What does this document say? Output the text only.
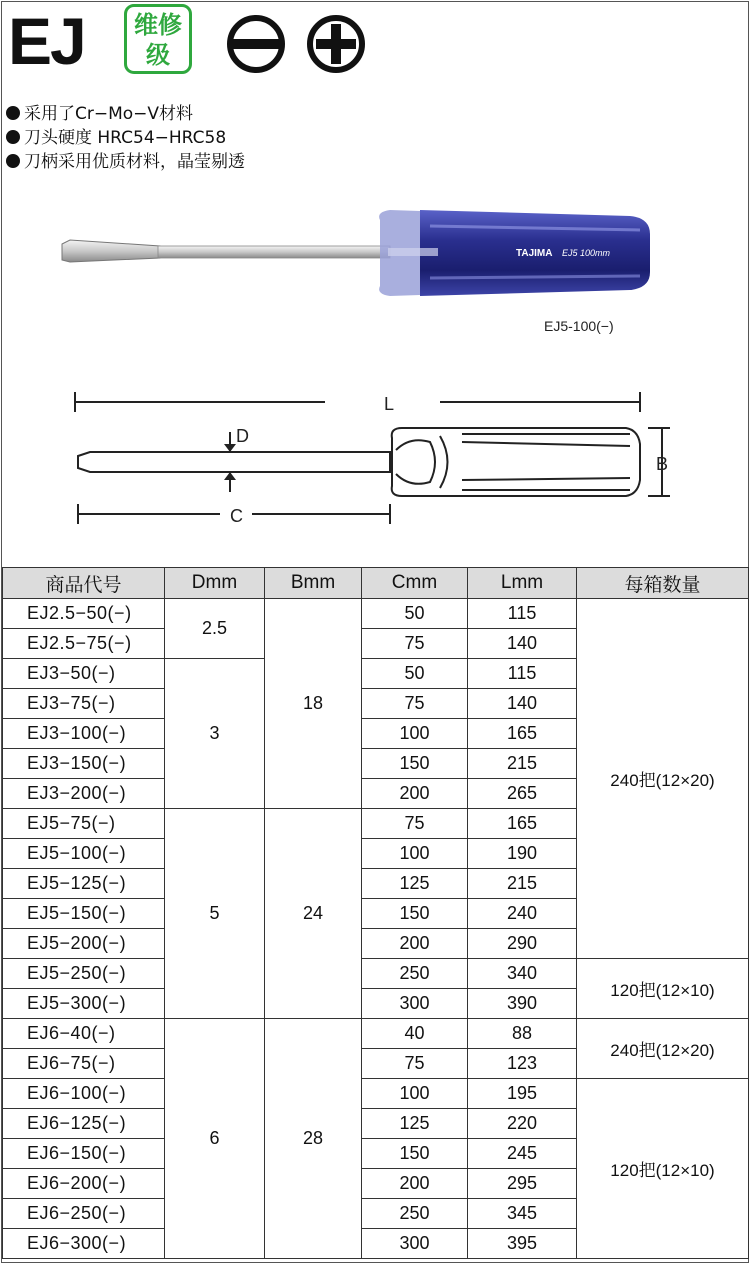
EJ 维修
级
采用了Cr−Mo−V材料
刀头硬度 HRC54−HRC58
刀柄采用优质材料，晶莹剔透
TAJIMA EJ5 100mm
EJ5-100(−)
L
D
B
C
商品代号	Dmm	Bmm	Cmm	Lmm	每箱数量
EJ2.5−50(−)	2.5	18	50	115	240把(12×20)
EJ2.5−75(−)			75	140	
EJ3−50(−)	3		50	115	
EJ3−75(−)			75	140	
EJ3−100(−)			100	165	
EJ3−150(−)			150	215	
EJ3−200(−)			200	265	
EJ5−75(−)	5	24	75	165	
EJ5−100(−)			100	190	
EJ5−125(−)			125	215	
EJ5−150(−)			150	240	
EJ5−200(−)			200	290	
EJ5−250(−)			250	340	120把(12×10)
EJ5−300(−)			300	390	
EJ6−40(−)	6	28	40	88	240把(12×20)
EJ6−75(−)			75	123	
EJ6−100(−)			100	195	120把(12×10)
EJ6−125(−)			125	220	
EJ6−150(−)			150	245	
EJ6−200(−)			200	295	
EJ6−250(−)			250	345	
EJ6−300(−)			300	395	
